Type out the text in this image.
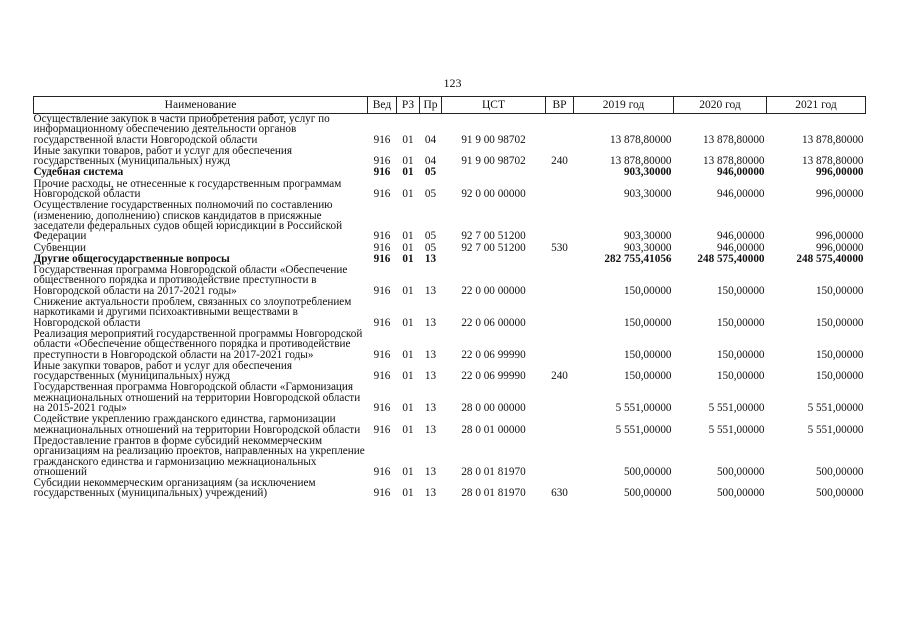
123
Наименование	Вед	РЗ	Пр	ЦСТ	ВР	2019 год	2020 год	2021 год
Осуществление закупок в части приобретения работ, услуг по информационному обеспечению деятельности органов государственной власти Новгородской области	916	01	04	91 9 00 98702		13 878,80000	13 878,80000	13 878,80000
Иные закупки товаров, работ и услуг для обеспечения государственных (муниципальных) нужд	916	01	04	91 9 00 98702	240	13 878,80000	13 878,80000	13 878,80000
Судебная система	916	01	05			903,30000	946,00000	996,00000
Прочие расходы, не отнесенные к государственным программам Новгородской области	916	01	05	92 0 00 00000		903,30000	946,00000	996,00000
Осуществление государственных полномочий по составлению (изменению, дополнению) списков кандидатов в присяжные заседатели федеральных судов общей юрисдикции в Российской Федерации	916	01	05	92 7 00 51200		903,30000	946,00000	996,00000
Субвенции	916	01	05	92 7 00 51200	530	903,30000	946,00000	996,00000
Другие общегосударственные вопросы	916	01	13			282 755,41056	248 575,40000	248 575,40000
Государственная программа Новгородской области «Обеспечение общественного порядка и противодействие преступности в Новгородской области на 2017-2021 годы»	916	01	13	22 0 00 00000		150,00000	150,00000	150,00000
Снижение актуальности проблем, связанных со злоупотреблением наркотиками и другими психоактивными веществами в Новгородской области	916	01	13	22 0 06 00000		150,00000	150,00000	150,00000
Реализация мероприятий государственной программы Новгородской области «Обеспечение общественного порядка и противодействие преступности в Новгородской области на 2017-2021 годы»	916	01	13	22 0 06 99990		150,00000	150,00000	150,00000
Иные закупки товаров, работ и услуг для обеспечения государственных (муниципальных) нужд	916	01	13	22 0 06 99990	240	150,00000	150,00000	150,00000
Государственная программа Новгородской области «Гармонизация межнациональных отношений на территории Новгородской области на 2015-2021 годы»	916	01	13	28 0 00 00000		5 551,00000	5 551,00000	5 551,00000
Содействие укреплению гражданского единства, гармонизации межнациональных отношений на территории Новгородской области	916	01	13	28 0 01 00000		5 551,00000	5 551,00000	5 551,00000
Предоставление грантов в форме субсидий некоммерческим организациям на реализацию проектов, направленных на укрепление гражданского единства и гармонизацию межнациональных отношений	916	01	13	28 0 01 81970		500,00000	500,00000	500,00000
Субсидии некоммерческим организациям (за исключением государственных (муниципальных) учреждений)	916	01	13	28 0 01 81970	630	500,00000	500,00000	500,00000
